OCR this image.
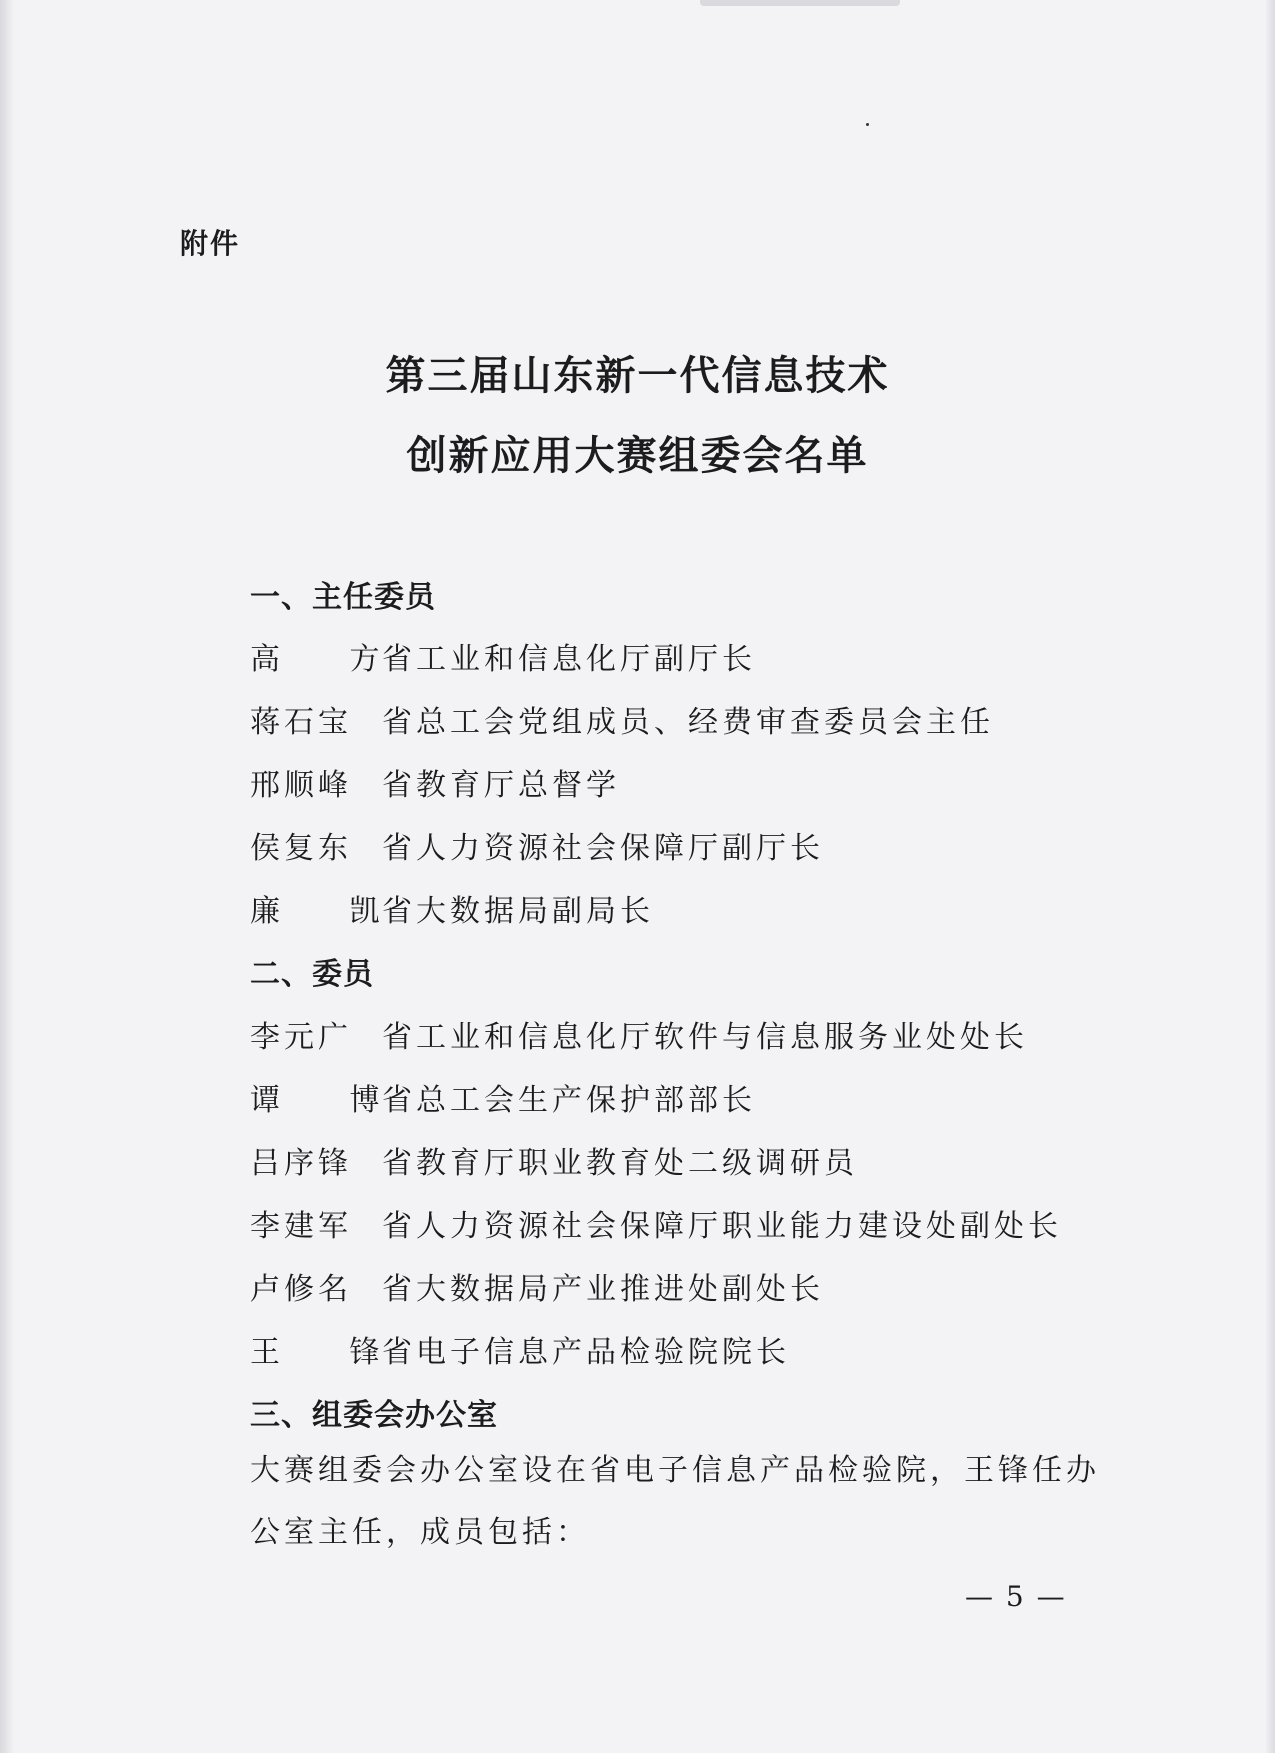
附件
第三届山东新一代信息技术
创新应用大赛组委会名单
一、主任委员
高 方
省工业和信息化厅副厅长
蒋石宝 省总工会党组成员、经费审查委员会主任
邢顺峰 省教育厅总督学
侯复东 省人力资源社会保障厅副厅长
廉 凯
省大数据局副局长
二、委员
李元广 省工业和信息化厅软件与信息服务业处处长
谭 博
省总工会生产保护部部长
吕序锋 省教育厅职业教育处二级调研员
李建军 省人力资源社会保障厅职业能力建设处副处长
卢修名 省大数据局产业推进处副处长
王 锋
省电子信息产品检验院院长
三、组委会办公室
大赛组委会办公室设在省电子信息产品检验院，王锋任办公室主任，成员包括：
— 5 —
